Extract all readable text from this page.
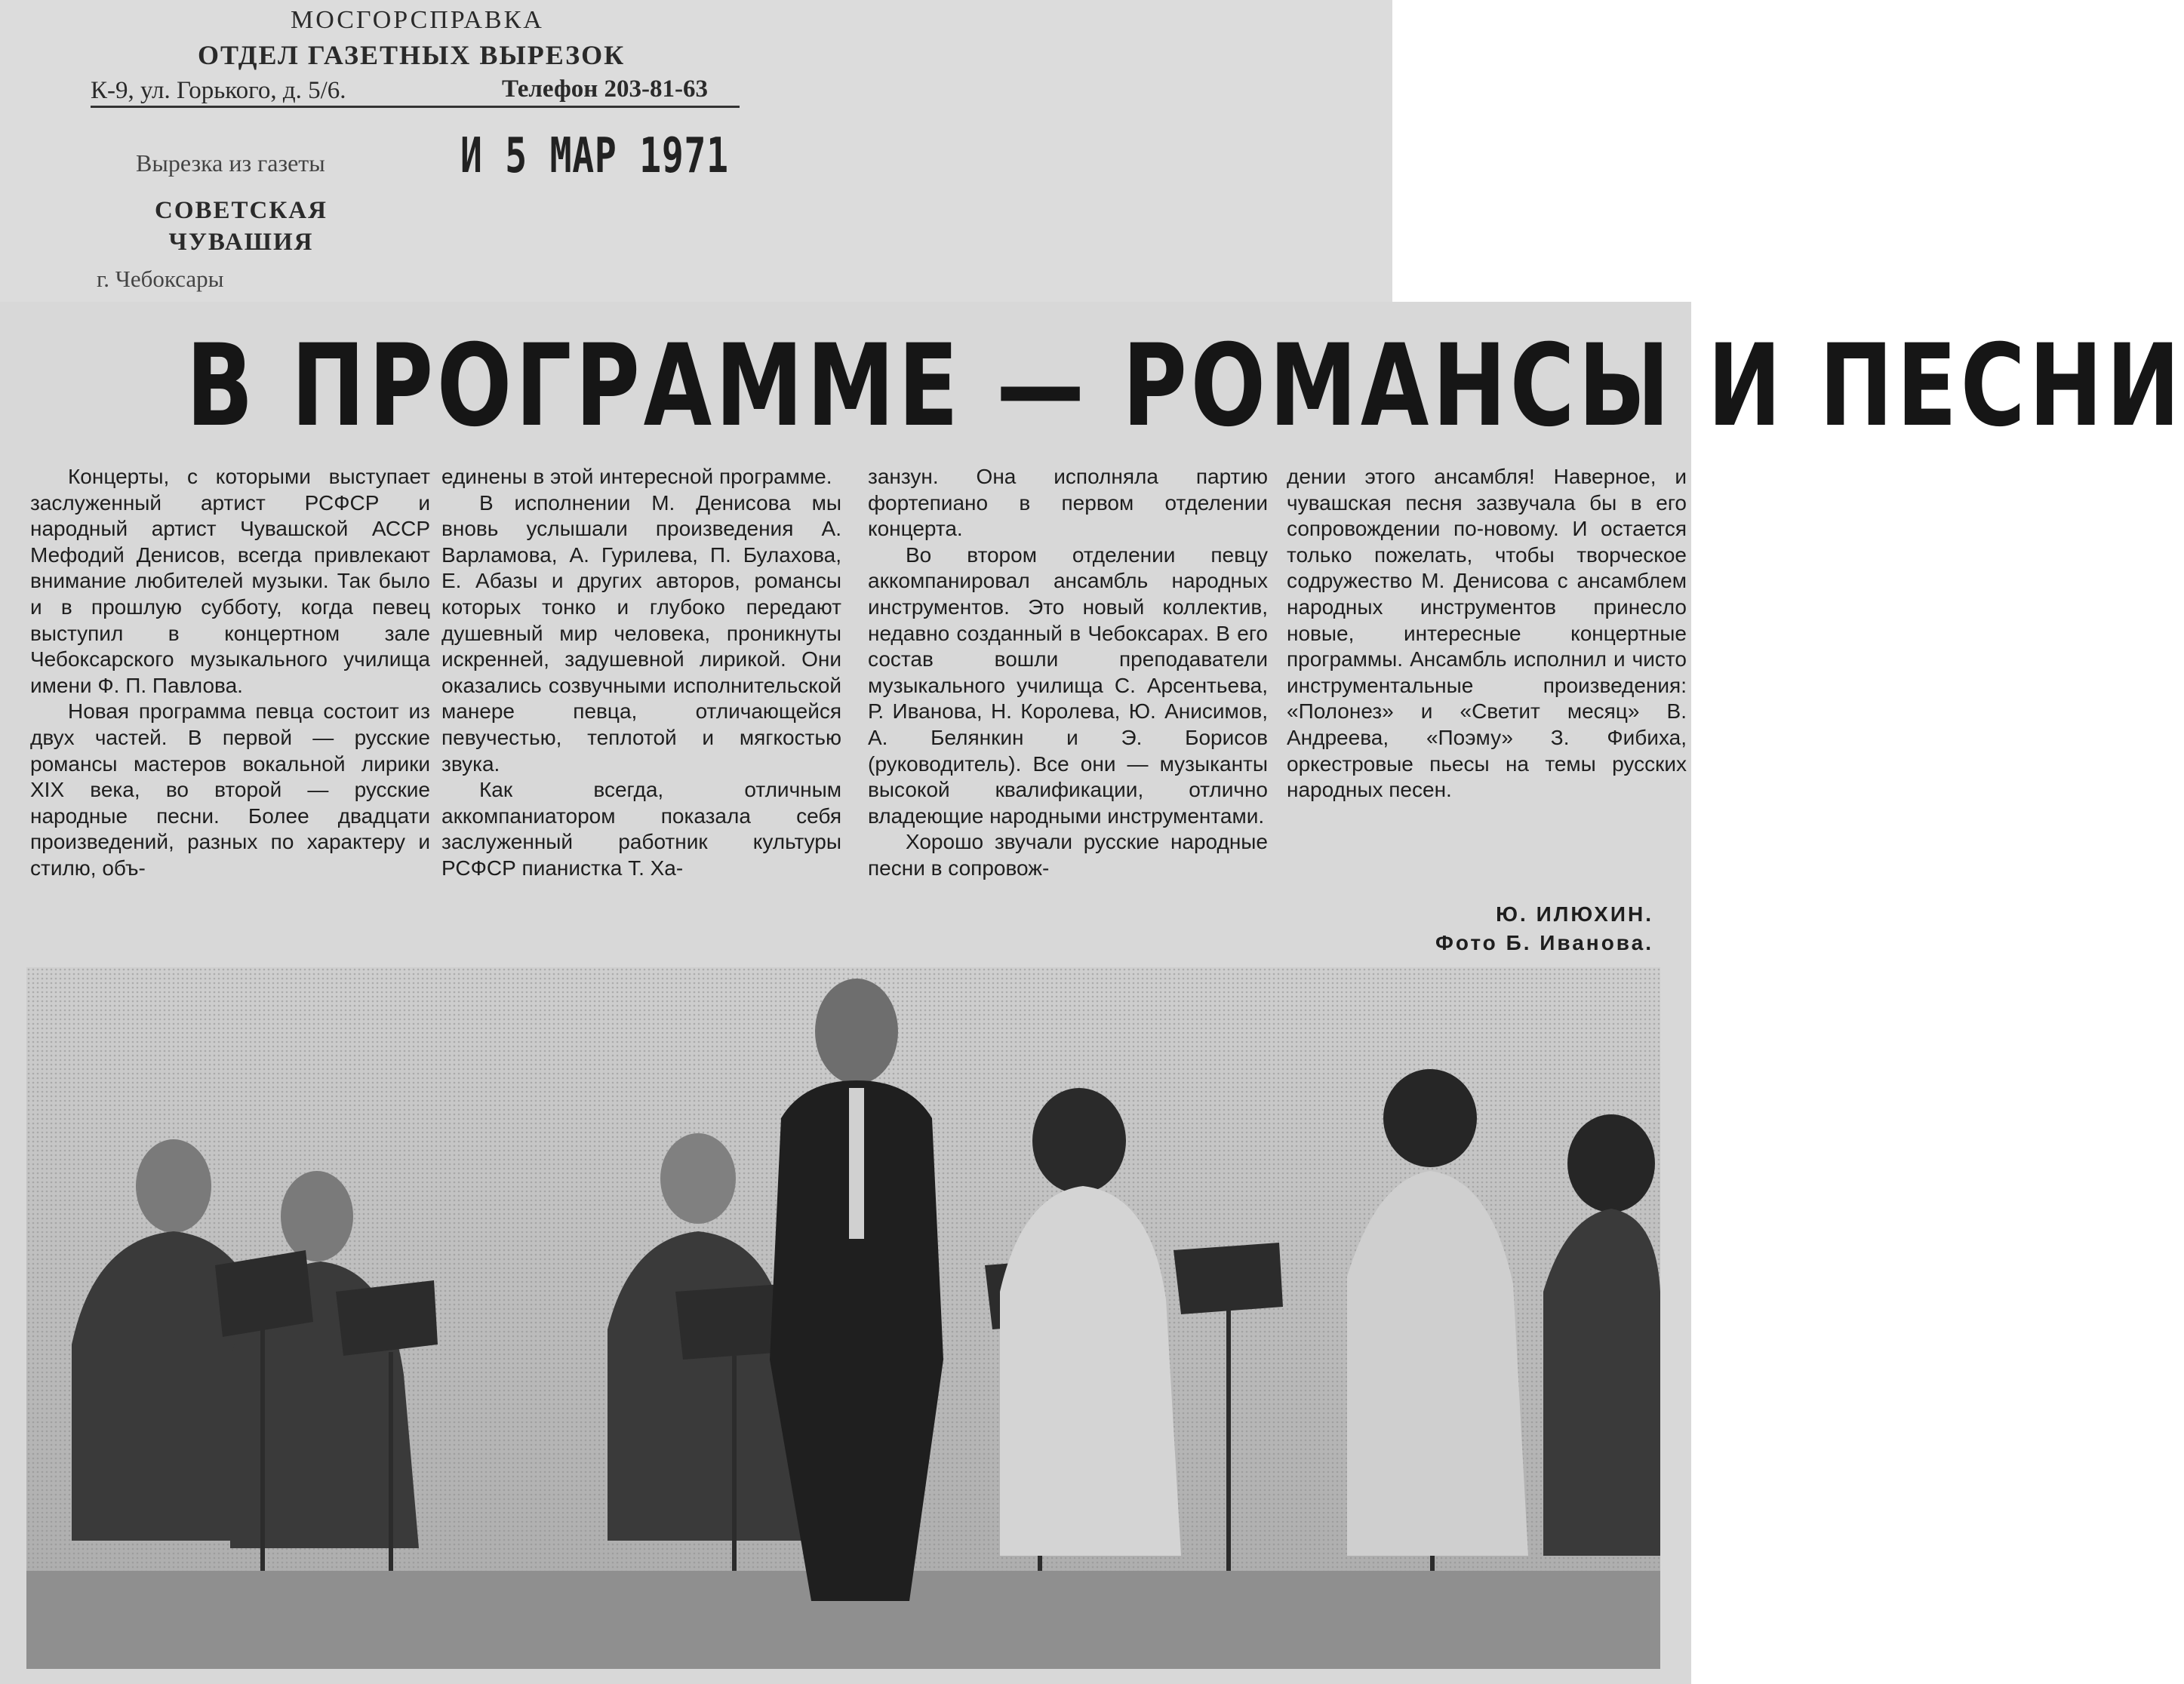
МОСГОРСПРАВКА
ОТДЕЛ ГАЗЕТНЫХ ВЫРЕЗОК
К-9, ул. Горького, д. 5/6.	Телефон 203-81-63
И 5 МАР 1971
Вырезка из газеты
СОВЕТСКАЯ
ЧУВАШИЯ
г. Чебоксары
В ПРОГРАММЕ — РОМАНСЫ И ПЕСНИ

Концерты, с которыми выступает заслуженный артист РСФСР и народный артист Чувашской АССР Мефодий Денисов, всегда привлекают внимание любителей музыки. Так было и в прошлую субботу, когда певец выступил в концертном зале Чебоксарского музыкального училища имени Ф. П. Павлова.

Новая программа певца состоит из двух частей. В первой — русские романсы мастеров вокальной лирики XIX века, во второй — русские народные песни. Более двадцати произведений, разных по характеру и стилю, объ-

единены в этой интересной программе.

В исполнении М. Денисова мы вновь услышали произведения А. Варламова, А. Гурилева, П. Булахова, Е. Абазы и других авторов, романсы которых тонко и глубоко передают душевный мир человека, проникнуты искренней, задушевной лирикой. Они оказались созвучными исполнительской манере певца, отличающейся певучестью, теплотой и мягкостью звука.

Как всегда, отличным аккомпаниатором показала себя заслуженный работник культуры РСФСР пианистка Т. Ха-

занзун. Она исполняла партию фортепиано в первом отделении концерта.

Во втором отделении певцу аккомпанировал ансамбль народных инструментов. Это новый коллектив, недавно созданный в Чебоксарах. В его состав вошли преподаватели музыкального училища С. Арсентьева, Р. Иванова, Н. Королева, Ю. Анисимов, А. Белянкин и Э. Борисов (руководитель). Все они — музыканты высокой квалификации, отлично владеющие народными инструментами.

Хорошо звучали русские народные песни в сопровож-

дении этого ансамбля! Наверное, и чувашская песня зазвучала бы в его сопровождении по-новому. И остается только пожелать, чтобы творческое содружество М. Денисова с ансамблем народных инструментов принесло новые, интересные концертные программы. Ансамбль исполнил и чисто инструментальные произведения: «Полонез» и «Светит месяц» В. Андреева, «Поэму» З. Фибиха, оркестровые пьесы на темы русских народных песен.

Ю. ИЛЮХИН.
Фото Б. Иванова.
